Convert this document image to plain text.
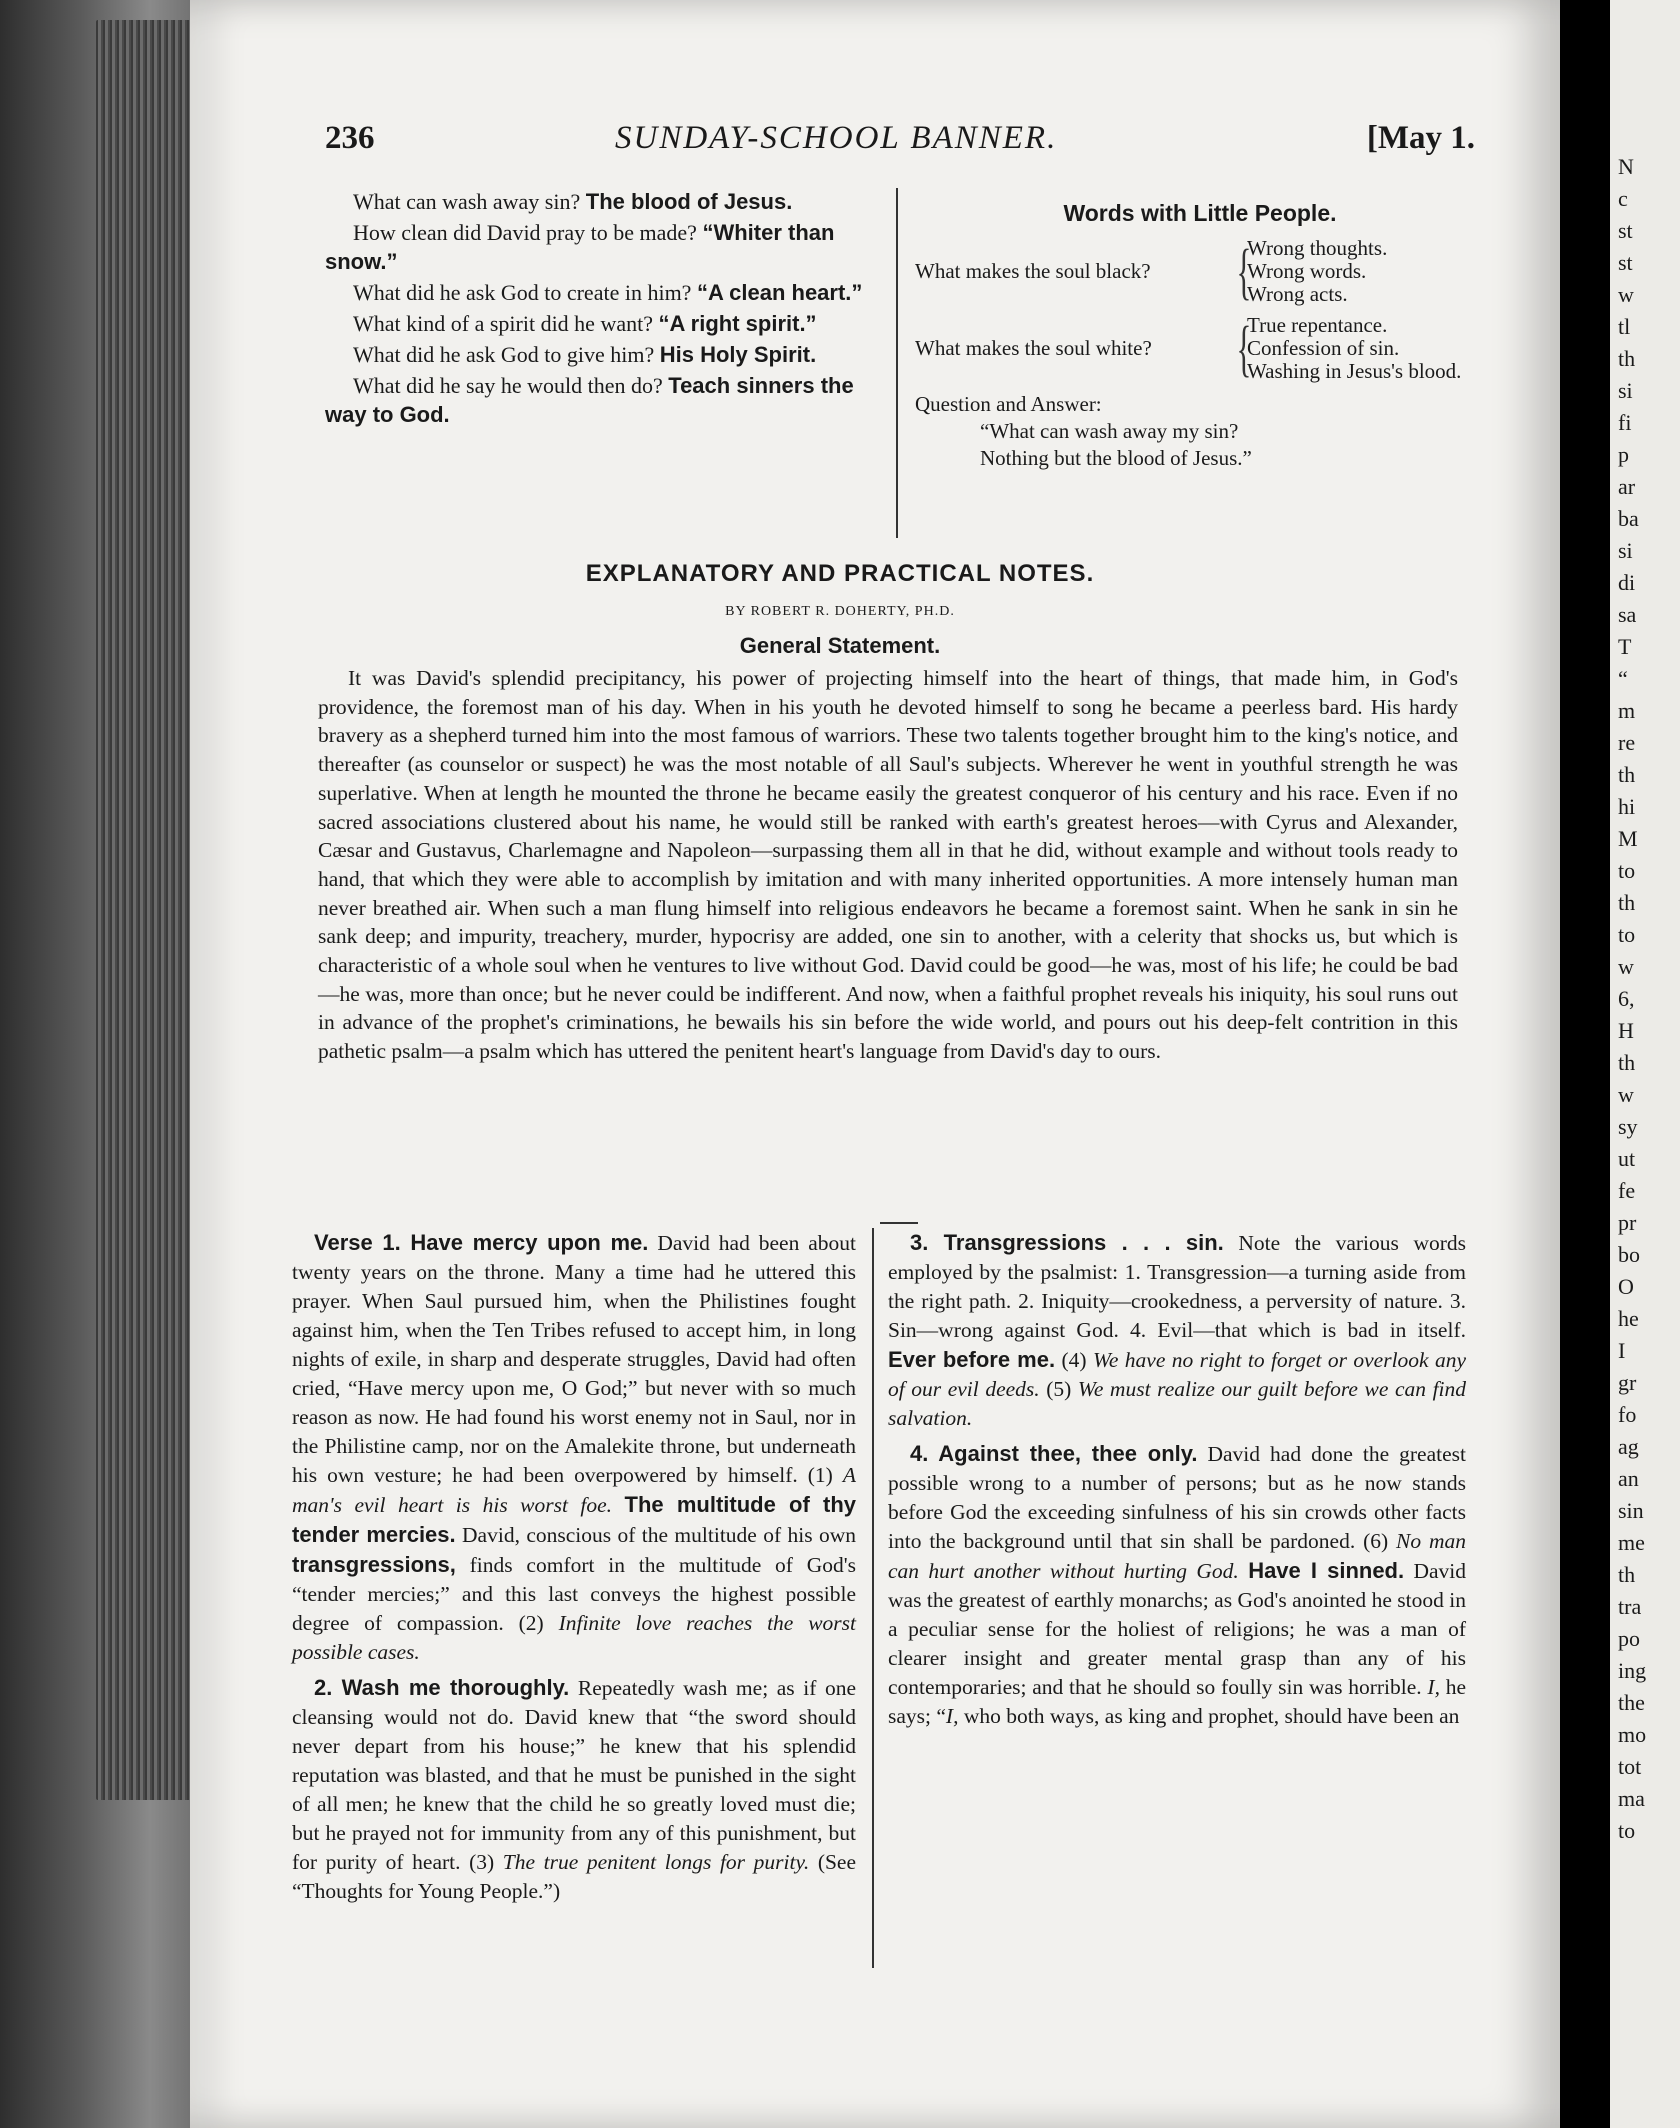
N
c
st
st
w
tl
th
si
fi
p
ar
ba
si
di
sa
T
“
m
re
th
hi
M
to
th
to
w
6,
H
th
w
sy
ut
fe
pr
bo
O
he
I
gr
fo
ag
an
sin
me
th
tra
po
ing
the
mo
tot
ma
to
236	SUNDAY-SCHOOL BANNER.	[May 1.

What can wash away sin? The blood of Jesus.

How clean did David pray to be made? “Whiter than snow.”

What did he ask God to create in him? “A clean heart.”

What kind of a spirit did he want? “A right spirit.”

What did he ask God to give him? His Holy Spirit.

What did he say he would then do? Teach sinners the way to God.

Words with Little People.
What makes the soul black?	{
Wrong thoughts.
Wrong words.
Wrong acts.
What makes the soul white?	{
True repentance.
Confession of sin.
Washing in Jesus's blood.
Question and Answer:
“What can wash away my sin?
Nothing but the blood of Jesus.”
EXPLANATORY AND PRACTICAL NOTES.
BY ROBERT R. DOHERTY, PH.D.
General Statement.

It was David's splendid precipitancy, his power of projecting himself into the heart of things, that made him, in God's providence, the foremost man of his day. When in his youth he devoted himself to song he became a peerless bard. His hardy bravery as a shepherd turned him into the most famous of warriors. These two talents together brought him to the king's notice, and thereafter (as counselor or suspect) he was the most notable of all Saul's subjects. Wherever he went in youthful strength he was superlative. When at length he mounted the throne he became easily the greatest conqueror of his century and his race. Even if no sacred associations clustered about his name, he would still be ranked with earth's greatest heroes—with Cyrus and Alexander, Cæsar and Gustavus, Charlemagne and Napoleon—surpassing them all in that he did, without example and without tools ready to hand, that which they were able to accomplish by imitation and with many inherited opportunities. A more intensely human man never breathed air. When such a man flung himself into religious endeavors he became a foremost saint. When he sank in sin he sank deep; and impurity, treachery, murder, hypocrisy are added, one sin to another, with a celerity that shocks us, but which is characteristic of a whole soul when he ventures to live without God. David could be good—he was, most of his life; he could be bad—he was, more than once; but he never could be indifferent. And now, when a faithful prophet reveals his iniquity, his soul runs out in advance of the prophet's criminations, he bewails his sin before the wide world, and pours out his deep-felt contrition in this pathetic psalm—a psalm which has uttered the penitent heart's language from David's day to ours.

Verse 1. Have mercy upon me. David had been about twenty years on the throne. Many a time had he uttered this prayer. When Saul pursued him, when the Philistines fought against him, when the Ten Tribes refused to accept him, in long nights of exile, in sharp and desperate struggles, David had often cried, “Have mercy upon me, O God;” but never with so much reason as now. He had found his worst enemy not in Saul, nor in the Philistine camp, nor on the Amalekite throne, but underneath his own vesture; he had been overpowered by himself. (1) A man's evil heart is his worst foe. The multitude of thy tender mercies. David, conscious of the multitude of his own transgressions, finds comfort in the multitude of God's “tender mercies;” and this last conveys the highest possible degree of compassion. (2) Infinite love reaches the worst possible cases.

2. Wash me thoroughly. Repeatedly wash me; as if one cleansing would not do. David knew that “the sword should never depart from his house;” he knew that his splendid reputation was blasted, and that he must be punished in the sight of all men; he knew that the child he so greatly loved must die; but he prayed not for immunity from any of this punishment, but for purity of heart. (3) The true penitent longs for purity. (See “Thoughts for Young People.”)

3. Transgressions . . . sin. Note the various words employed by the psalmist: 1. Transgression—a turning aside from the right path. 2. Iniquity—crookedness, a perversity of nature. 3. Sin—wrong against God. 4. Evil—that which is bad in itself. Ever before me. (4) We have no right to forget or overlook any of our evil deeds. (5) We must realize our guilt before we can find salvation.

4. Against thee, thee only. David had done the greatest possible wrong to a number of persons; but as he now stands before God the exceeding sinfulness of his sin crowds other facts into the background until that sin shall be pardoned. (6) No man can hurt another without hurting God. Have I sinned. David was the greatest of earthly monarchs; as God's anointed he stood in a peculiar sense for the holiest of religions; he was a man of clearer insight and greater mental grasp than any of his contemporaries; and that he should so foully sin was horrible. I, he says; “I, who both ways, as king and prophet, should have been an
